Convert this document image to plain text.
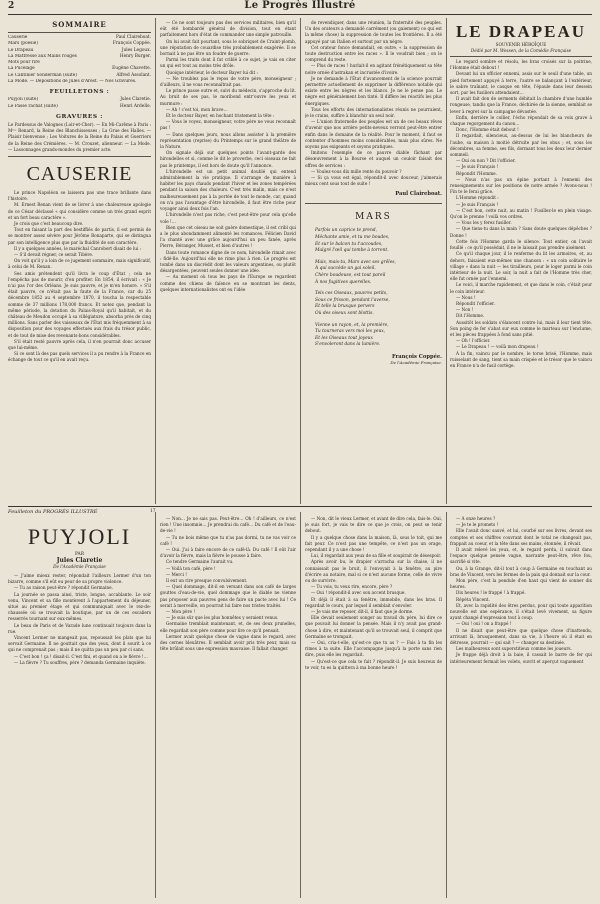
2	Le Progrès Illustré
SOMMAIRE
Causerie	Paul Claireboat.
Mars (poésie)	François Coppée.
Le Drapeau	Jules Legoux.
La Mattresse aux Mains rouges	Henry Burger.
Mots pour rire
La Pucelage	Eugène Chavette.
Le Cantinier Sonderman (suite)	Alfred Assolant.
La Mode. — Dépositions de Jules d'Arest. — Nos Gravures.
FEUILLETONS :
Puyjoli (suite)	Jules Claretie.
Le Passé rachat (suite)	Henri Ardelle.
GRAVURES :
Le Pardessus de Valognes (Loir-et-Cher). — En Mi-Carême à Paris : Mᵐᵉ Renard, la Reine des Blanchisseuses ; La Grue des Halles. — Plaisir bienvenue ; Les Voitures de la Reine du Palais et Guerriers de la Reine des Crémières. — M. Crouzet, alienneur. — La Mode. — Lassonnages grands-mondes du premier acte.
CAUSERIE

Le prince Napoléon se laissera pas une trace brillante dans l'histoire.

M. Ernest Renan vient de se livrer à une chaleureuse apologie de ce César déclassé « qui considère comme un très grand esprit et un fort beau caractère ».

Je crois que c'est beaucoup dire.

Tout en faisant la part des bestiffiés de partis, il est permis de se montrer assez sévère pour Jérôme Bonaparte, qui se distingua par son intelligence plus que par la fluidité de son caractère.

Il y a quelques années, le maréchal Canrobert disait de lui :

— S'il devait régner, ce serait Tibère.

On voit qu'il y a loin de ce jugement sommaire, mais significatif, à celui de M. Renan.

Ses amis prétendent qu'il livra le coup d'État ; cela ne l'empêcha pas de mourir, d'en profiter. En 1854, il écrivait : « Je n'ai pas l'or des Orléans. Je suis pauvre, et je m'en honore. » S'il était pauvre, ce n'était pas la faute de la France, car du 25 décembre 1852 au 4 septembre 1870, il toucha la respectable somme de 37 millions 178,000 francs. Et notez que, pendant la même période, la dotation du Palais-Royal qu'il habitait, et du château de Meudon occupé à sa villégiature, absorba près de cinq millions. Sans parler des vaisseaux de l'État mis fréquemment à sa disposition pour des voyages effectués aux frais du trésor public, et de tout de mise des revenants-bons considérables.

S'il était resté pauvre après cela, il n'en pourrait donc accuser que lui-même.

Si ce sont là des pas quels services il a pu rendre à la France en échange de tout ce qu'il en avait reçu.

— Ce ne sont toujours pas des services militaires, bien qu'il eût été bombardé général de division, tout en étant parfaitement hors d'état de commander une simple patrouille.

On lui avait fait pourtant, sous le sobriquet de Craint-plomb, une réputation de couardise très probablement exagérée. Il se bornait à ne pas être un foudre de guerre.

Parmi les traits dont il fut criblé à ce sujet, je vais en citer un qui est tout au moins très drôle.

Quoique intérieur, le docteur Bayer lui dit :

— Ne troublez pas le repos de votre père, monseigneur ; d'ailleurs, il ne vous reconnaîtrait pas.

Le prince passe outre et, suivi du médecin, s'approche du lit. Au bruit de ses pas, le moribond entr'ouvre les yeux et murmure :

— Ah ! c'est toi, mon brave…

Et le docteur Bayer, en hochant tristement la tête :

— Vous le voyez, monseigneur, votre père ne vous reconnaît pas !

— Dans quelques jours, nous allons assister à la première représentation (reprise) du Printemps sur le grand théâtre de la Nature.

On signale déjà sur quelques points l'avant-garde des hirondelles et si, comme le dit le proverbe, ceci oiseaux ne fait pas le printemps, il est hors de doute qu'il l'annonce.

L'hirondelle est un petit animal doublé qui entend admirablement la vie pratique. Il s'arrange de manière à habiter les pays chauds pendant l'hiver et les zones tempérées pendant la saison des chaleurs. C'est très malin, mais ce n'est malheureusement pas à la portée de tout le monde, car, quand on n'a pas l'avantage d'être hirondelle, il faut être riche pour voyager ainsi deux fois l'an.

L'hirondelle n'est pas riche, c'est peut-être pour cela qu'elle vole !…

Bien que cet oiseau ne soit guère domestique, il est cribl qui a le plus abondamment alimenté les romances. Félicien David l'a chanté avec une grâce aujourd'hui un peu fanée, après Pierre, Béranger, Musset, et bien d'autres !

Dans toute romance digne de ce nom, hirondelle rimait avec : fidé-lle. Aujourd'hui elle ne rime plus à rien. Le progrès est tombé dans un discrédit dont les valeurs argentines, ou plutôt désargentées, peuvent seules donner une idée.

— Au moment où tous les pays de l'Europe se regardent comme des chiens de faïence en se montrant les dents, quelques internationalistes ont eu l'idée

de revendiquer, dans une réunion, la fraternité des peuples. Un des orateurs a demandé carrément (ou gaiement) ce qui est la même chose) la suppression de toutes les frontières. Il a été appuyé par un Italien et surtout par un nègre.

Cet orateur fonce demandait, en outre, « la suppression de toute destruction entre les races ». Il le voudrait bien ; on le comprend du reste.

— Plus de races ! hurlait-il en agitant frénétiquement sa tête noire ornée d'astrakan et incrustée d'ivoire.

Je ne demande à l'État d'avancement de la science pourrait permettre actuellement de supprimer la différence notable qui existe entre les nègres et les blancs. Je ne le pense pas. Le nègre est généralement bon tinté. Il diffère les réactifs les plus énergiques.

Tous les efforts des internationalistes réunis ne pourraient, je le crains, suffire à blanchir un seul noir.

— L'union fraternelle des peuples est un de ces beaux rêves d'avenir que nos arrière petits-neveux verront peut-être entrer enfin dans le domaine de la réalité. Pour le moment, il faut se contenter d'hommes moins considérables, mais plus sûres. Ne soyons pas exigeants et soyons pratiques.

Imitons l'exemple de ce pauvre diable fâchant par désœuvrement à la Bourse et auquel un couloir faisait des offres de services :

— Voulez-vous dix mille rente du pouvoir ?

— Si ça vous est égal, répondit-il avec douceur, j'aimerais mieux cent sous tout de suite !

Paul Claireboat.
MARS
Parfois un caprice te prend,
Méchante amie, et tu me boudes,
Et sur le balcon tu t'accoudes,
Malgré l'œil qui tombe à torrent.
Mais, mais-tu, Mars avec ses grêles,
À qui succède un gai soleil.
Chère boudeuse, est tout pareil
À nos fugitives querelles.
Tels ces Oiseaux, pauvres petits,
Sous ce frisson, pendant l'averse,
Et telle la brusque pervers
Où des oiseux sont blottis.
Vienne un rayon, et, la première,
Tu tourneras vers moi les yeux,
Et les Oiseaux tout joyeux
S'envoleront dans la lumière.
François Coppée.
De l'Académie Française.
LE DRAPEAU
SOUVENIR HÉROÏQUE
Dédié par M. Wessen, de la Comédie Française

Le regard sombre et résolu, les bras croisés sur la poitrine, l'Homme était debout !

Devant lui un officier ennemi, assis sur le seuil d'une table, un pied fortement appuyé à terre, l'autre se balançant à l'extérieur, le sabre traînant, le casque en tête, l'épaule dans leur dessein sort, par les fusiliers attendaient…

Il avait fait don de serments débitait la chambre d'une humble rongeuse, tandis que la France, déchirée de la sienne, semblait se lever à regret sur la campagne dévastée.

Enfin, derrière le collier, l'écho répondait de sa voix grave à chaque regorgement du canon…

Donc, l'Homme était debout !

Il regardait, silencieux, au-dessus de lui les blancheurs de l'aube, sa maison à moitié détruite par les obus ; et, sous les décombres, sa femme, ses fils, dormant tous les deux leur dernier sommeil.

— Oui ou non ? Dit l'officier.

— Je suis Français !

Répondit l'Homme.

— Nous n'as pas un épine portant à l'ennemi des renseignements sur les positions de notre armée ? Avons-nous ! Fin te le ferai grâce.

L'Homme répondit :

— Je suis Français !

— C'est bon, cette nuit, au matin ! Fusillez-le en plein visage. Qu'on le prenne ! voilà vos ordres.

— Vous les y ferez fusiller.

— Que tiens-tu dans la main ? Sans doute quelques dépêches ? Donne !

Cette fois l'Homme garda le silence. Tout entier, on l'avait fouillé : ce qu'il possédait, il ne le laissait pas prendre aisément.

Ce qu'il chaque jour, il le renferme du lit les armoires, et, au dehors, faisaient eux-mêmes une chanson : « un coin solitaire le village » dans la nuit — les tirailleurs, pour le loger parmi le coin intérieur de la nuit. Le soir, la nuit a fait de l'Homme très cher, elle fut ornée par l'ennemi.

Le voici, il marche rapidement, et que dans le coin, c'était pour le coin intérieur.

— Nous !

Répondit l'officier.

— Non !

Dit l'Homme.

Aussitôt les soldats s'élancent contre lui, mais il leur tient tête. Son poing de fer s'abat sur eux comme le marteau sur l'enclume, et les pièces frappées à fond sans pitié.

— Oh ! l'officier.

— Le Drapeau ! — voilà mon drapeau !

À la fin, vaincu par le nombre, le torse brisé, l'Homme, mais ruisselant de sang, tient sa main crispée et le trésor que le vaincu en France n'a de fusil cortège.

Feuilleton du PROGRÈS ILLUSTRÉ	17
PUYJOLI
PAR
Jules Claretie
De l'Académie Française

— J'aime mieux rester, répondait l'ailleurs Lermer d'un ton bizarre, comme s'il eût eu peur de sa propre violence.

— Tu as raison peut-être ? répondit Germaine.

La journée se passa ainsi, triste, longue, accablante. Le soir venu, Vincent et sa fille montèrent à l'appartement du déjeuner, situé au premier étage et qui communiquait avec le rez-de-chaussée où se trouvait la boutique, par un de ces escaliers resserrés tournant sur eux-mêmes.

Le beau de Paris et de Varade lune continuait toujours dans la rue.

Vincent Lermer ne mangeait pas, repoussait les plats que lui servait Germaine. Il ne gouttait que des yeux, dont il sourit à ce qui ne comprenait pas ; mais il ne quitta pas un peu par ci sans.

— C'est bon ! ça ! disait-il. C'est fini, et quand on a le fièvre !…

— La fièvre ? Tu souffres, père ? demanda Germaine inquiète.

— Non… Je ne sais pas. Peut-être… Oh ! d'ailleurs, ce n'est rien ! Une insomnie… Je prendrai du café… Du café et de l'eau-de-vie !

— Tu ne bois même que tu n'as pas dormi, tu ne vas voir ce café !

— Oui. J'ai à faire encore de ce café-là. Du café ! Il eût l'air d'avoir la fièvre, mais la fièvre le pousse à faire.

Ce tendre Germaine l'aurait vu.

— Voilà ton café, père !

— Merci !

Il eut un rire presque convulsivement.

— Quel dommage, dit-il en versant dans son café de larges gouttes d'eau-de-vie, quel dommage que le diable ne vienne pas proposer aux pauvres gens de faire un pacte avec lui ! Ce serait à merveille, on pourrait lui faire nos tristes traités.

— Mon père !

— Je suis sûr que les plus honnêtes y seraient venus.

Germaine tremblait maintenant, et, de ses deux prunelles, elle regardait son père comme pour lire ce qu'il pensait.

Lermer avait quelque chose de vague dans le regard, avec des cernes bleuâtres. Il semblait avoir pris très peur, mais sa tête brûlait sous une expression mauvaise. Il fallait changer.

— Non, dit le vieux Lermer, et avant de dire cela, fais-le. Oui, je suis fort, je vais te dire ce que je crois, on peut se tenir debout.

Il y a quelque chose dans la maison, là, sous le toit, qui me fait peur. Ce n'est pas une tempête, ce n'est pas un orage, cependant il y a une chose !

Lui, il regardait aux yeux de sa fille et soupirait de désespoir.

Après avoir bu, le drapier s'arracha sur la chaise, il ne connaissait pas le bruit, il l'envoyait à la fenêtre, au pire d'écrire au notaire, mal si ce n'est aucune forme, celle de vivre ou de survivre.

— Tu vois, tu veux rire, encore, père ?

— Oui ! répondit-il avec son accent brusque.

Et déjà il était à sa fenêtre, immobile, dans les bras. Il regardait le cours, par lequel il semblait s'envoler.

— Je vais me reposer, dit-il, il faut que je dorme.

Elle devait seulement songer au travail du père, lui dire ce que pouvait lui donner la pensée. Mais il n'y avait pas grand-chose à dire, et maintenant qu'il se trouvait seul, il comprit que Germaine se trompait.

— Oui, cria-t-elle, qu'est-ce que tu as ? — Fais à ta fin les rimes à ta suite. Elle l'accompagne jusqu'à la porte sans rien dire, puis elle les regardait.

— Qu'est-ce que cela te fait ? répondit-il. Je suis heureux de te voir, tu es la quittera à ma bonne heure !

— À onze heures ?

— Je te le promets !

Elle l'avait donc sauvé, et lui, courbé sur ses livres, devant ses comptes et ses chiffres couvrant dont le total ne changeait pas, frappait au coeur, et la tête dans ses mains, étonnée, il rêvait.

Il avait relevé les yeux, et, le regard perdu, il suivait dans l'espace quelque pensée vague, navrante peut-être, rêve fou, sacrifié si vite.

Ou, à la Grange, dit-il tout à coup à Germaine en touchant au bras de Vincent, vers les fermes de la paix qui donnait sur la cour.

Mon père, c'est la pendule d'en haut qui vient de sonner dix heures.

Dix heures ! le frappé ! à frappé.

Répéta Vincent.

Et, avec la rapidité des êtres perdus, pour qui toute apparition nouvelle est une espérance, il s'était levé vivement, sa figure ayant changé d'expression tout à coup.

— Oui ! oui ! on a frappé !

Il ne disait que peut-être que quelque chose d'inattendu, arrivant là, brusquement, dans sa vie, à l'heure où il était en détresse, pourrait — qui sait ? — changer sa destinée.

Les malheureux sont superstitieux comme les joueurs.

Je frappe déjà droit à la baie, il cassait le barre de fer qui intérieurement fermait les volets, ouvrit et aperçut vaguement
